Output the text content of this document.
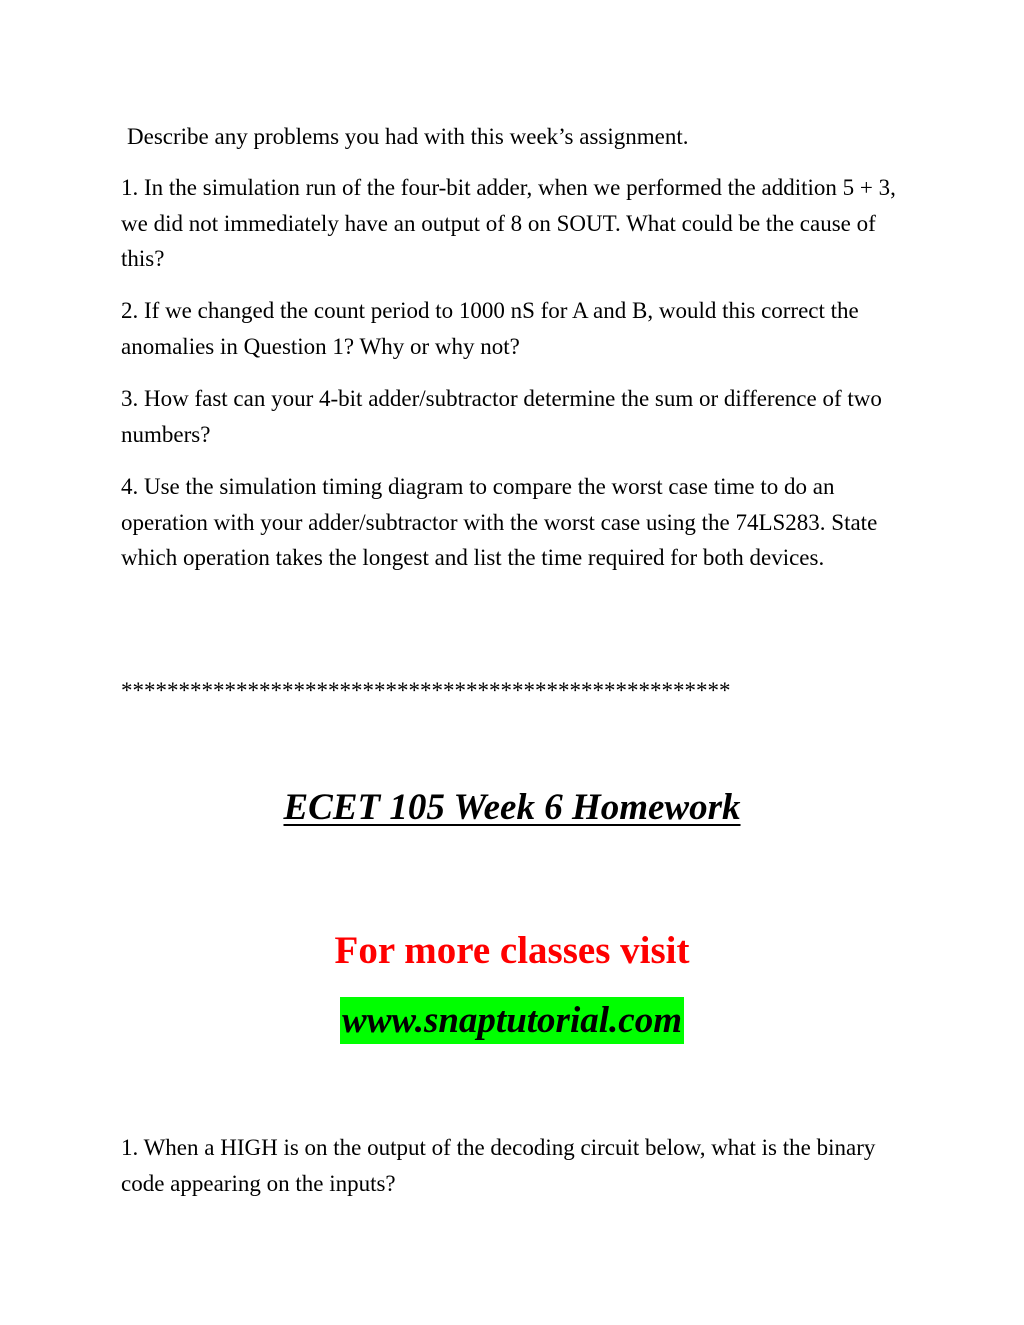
Describe any problems you had with this week’s assignment.

1. In the simulation run of the four-bit adder, when we performed the addition 5 + 3, we did not immediately have an output of 8 on SOUT. What could be the cause of this?

2. If we changed the count period to 1000 nS for A and B, would this correct the anomalies in Question 1? Why or why not?

3. How fast can your 4-bit adder/subtractor determine the sum or difference of two numbers?

4. Use the simulation timing diagram to compare the worst case time to do an operation with your adder/subtractor with the worst case using the 74LS283. State which operation takes the longest and list the time required for both devices.

*****************************************************
ECET 105 Week 6 Homework
For more classes visit
www.snaptutorial.com

1. When a HIGH is on the output of the decoding circuit below, what is the binary code appearing on the inputs?
